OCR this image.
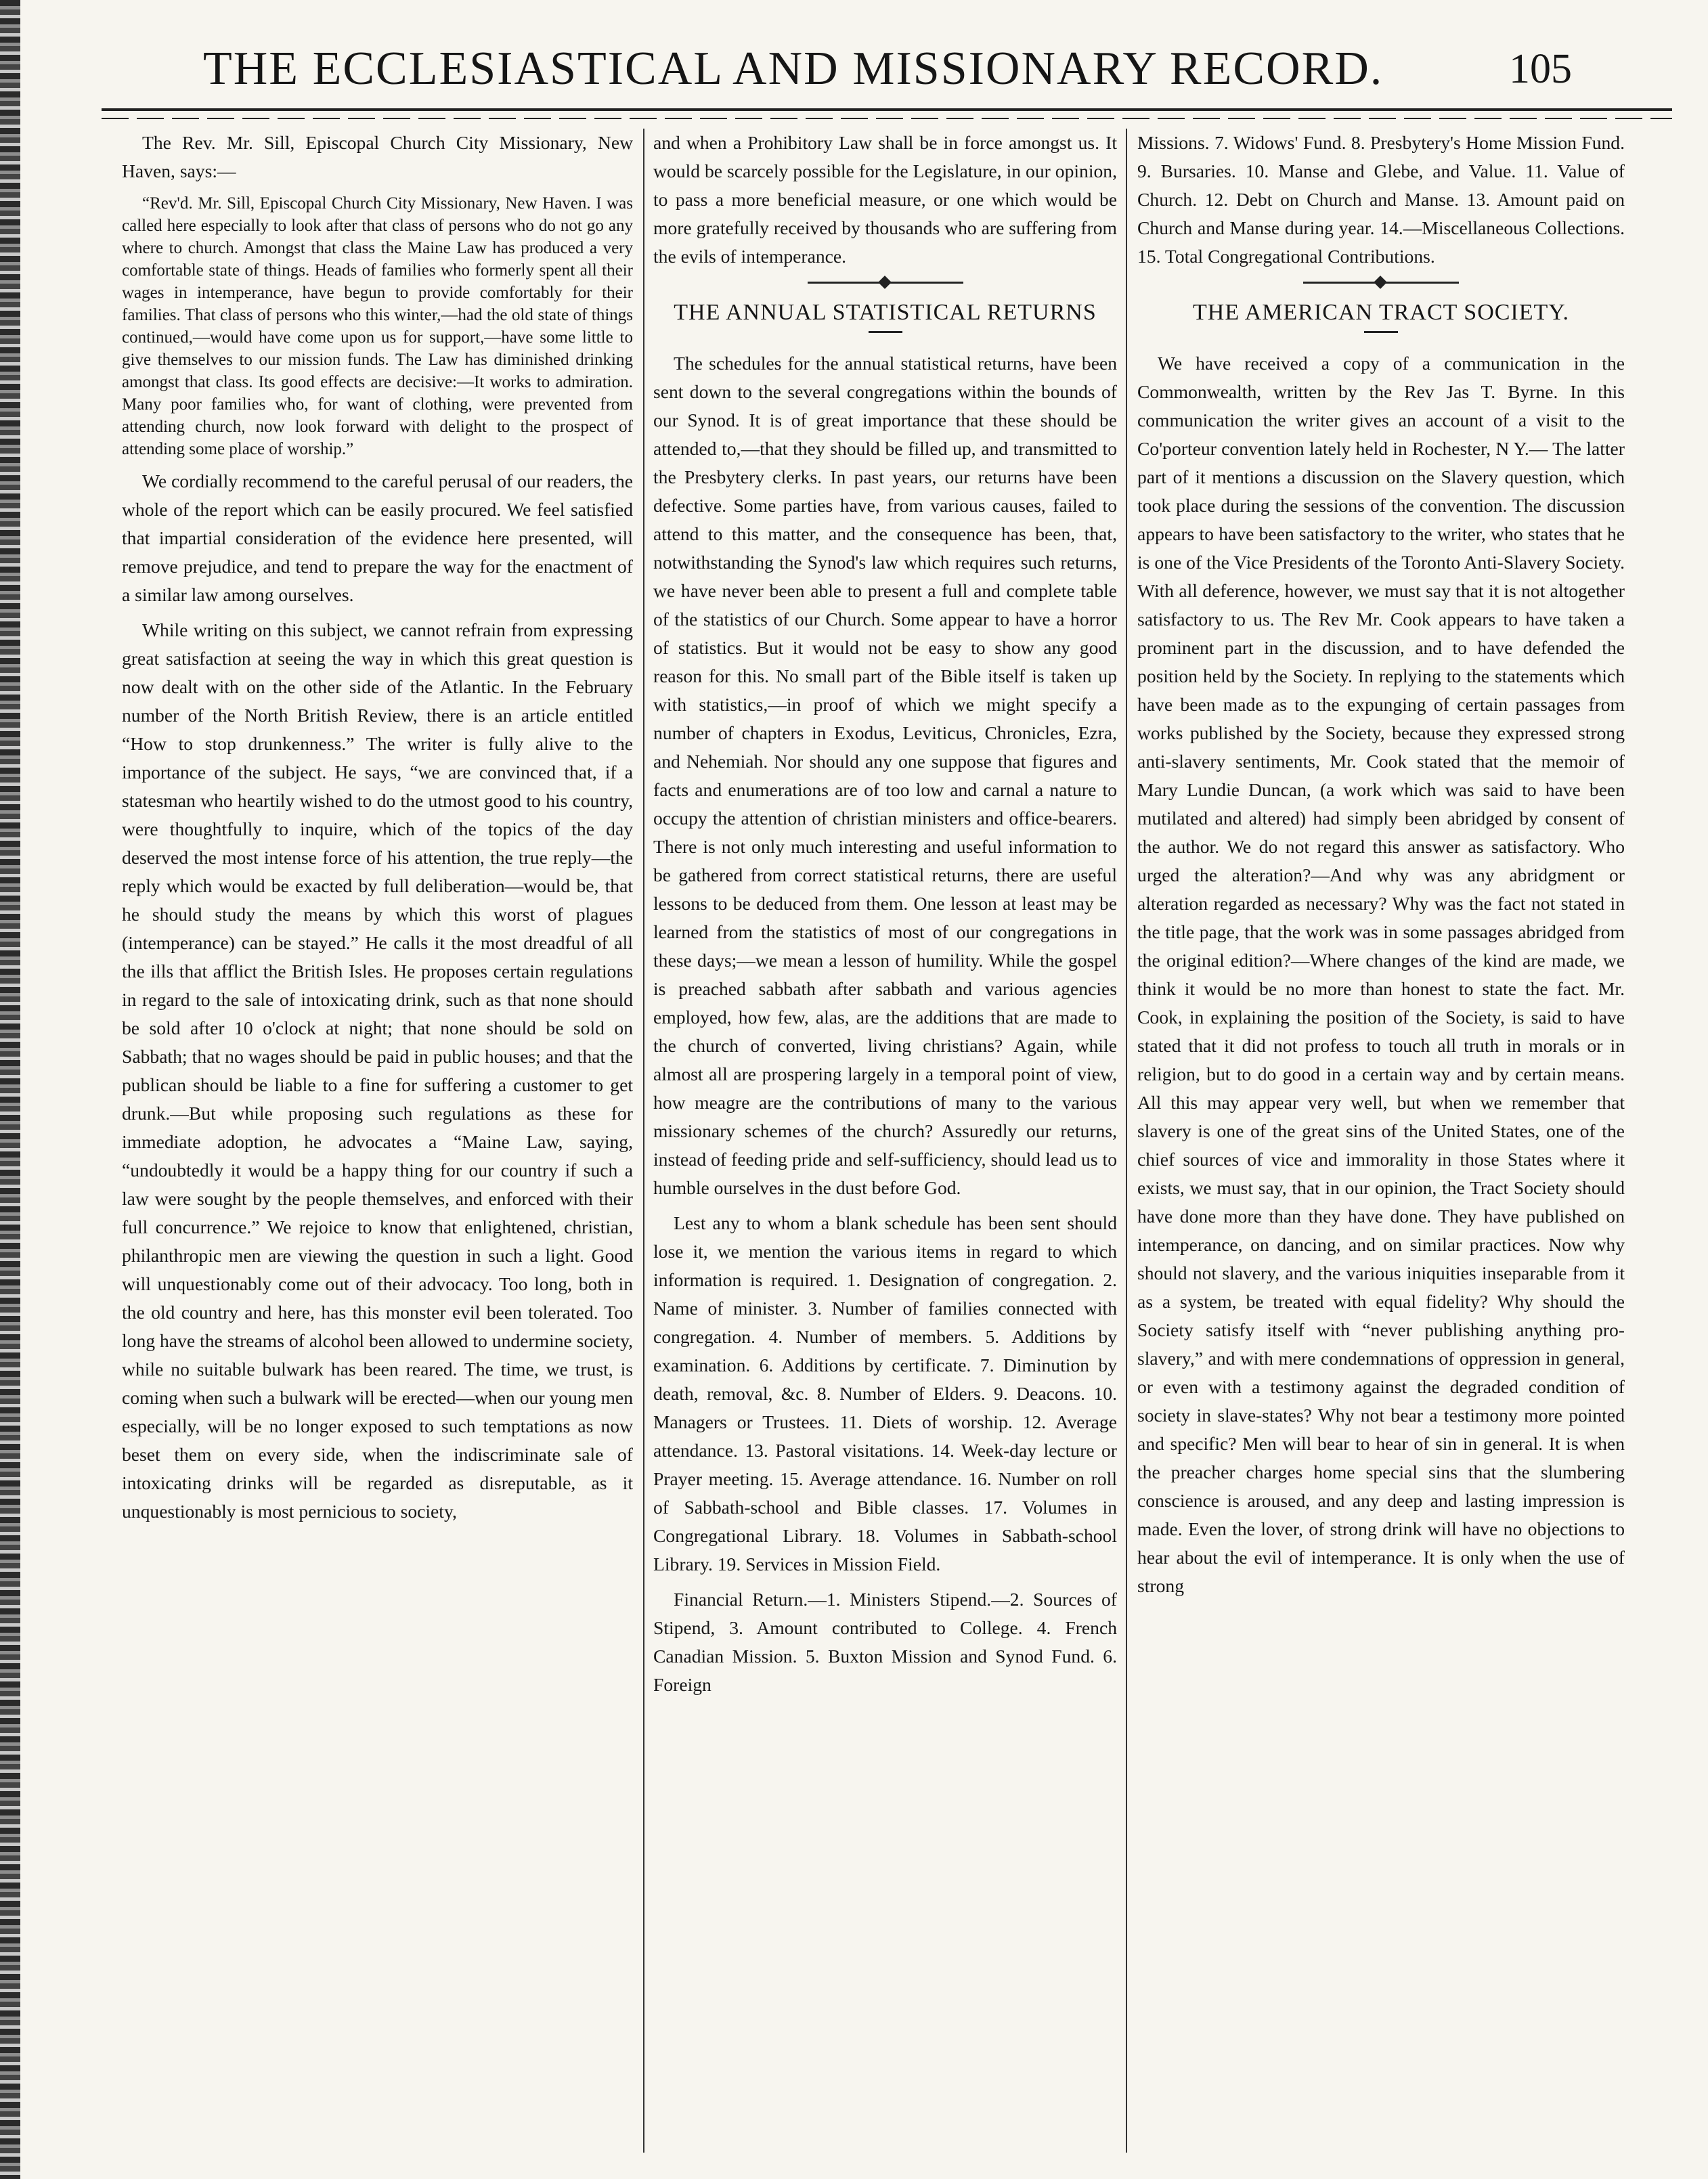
THE ECCLESIASTICAL AND MISSIONARY RECORD.	105

The Rev. Mr. Sill, Episcopal Church City Missionary, New Haven, says:—

“Rev'd. Mr. Sill, Episcopal Church City Missionary, New Haven. I was called here especially to look after that class of persons who do not go any where to church. Amongst that class the Maine Law has produced a very comfortable state of things. Heads of families who formerly spent all their wages in intemperance, have begun to provide comfortably for their families. That class of persons who this winter,—had the old state of things continued,—would have come upon us for support,—have some little to give themselves to our mission funds. The Law has diminished drinking amongst that class. Its good effects are decisive:—It works to admiration. Many poor families who, for want of clothing, were prevented from attending church, now look forward with delight to the prospect of attending some place of worship.”

We cordially recommend to the careful perusal of our readers, the whole of the report which can be easily procured. We feel satisfied that impartial consideration of the evidence here presented, will remove prejudice, and tend to prepare the way for the enactment of a similar law among ourselves.

While writing on this subject, we cannot refrain from expressing great satisfaction at seeing the way in which this great question is now dealt with on the other side of the Atlantic. In the February number of the North British Review, there is an article entitled “How to stop drunkenness.” The writer is fully alive to the importance of the subject. He says, “we are convinced that, if a statesman who heartily wished to do the utmost good to his country, were thoughtfully to inquire, which of the topics of the day deserved the most intense force of his attention, the true reply—the reply which would be exacted by full deliberation—would be, that he should study the means by which this worst of plagues (intemperance) can be stayed.” He calls it the most dreadful of all the ills that afflict the British Isles. He proposes certain regulations in regard to the sale of intoxicating drink, such as that none should be sold after 10 o'clock at night; that none should be sold on Sabbath; that no wages should be paid in public houses; and that the publican should be liable to a fine for suffering a customer to get drunk.—But while proposing such regulations as these for immediate adoption, he advocates a “Maine Law, saying, “undoubtedly it would be a happy thing for our country if such a law were sought by the people themselves, and enforced with their full concurrence.” We rejoice to know that enlightened, christian, philanthropic men are viewing the question in such a light. Good will unquestionably come out of their advocacy. Too long, both in the old country and here, has this monster evil been tolerated. Too long have the streams of alcohol been allowed to undermine society, while no suitable bulwark has been reared. The time, we trust, is coming when such a bulwark will be erected—when our young men especially, will be no longer exposed to such temptations as now beset them on every side, when the indiscriminate sale of intoxicating drinks will be regarded as disreputable, as it unquestionably is most pernicious to society,

and when a Prohibitory Law shall be in force amongst us. It would be scarcely possible for the Legislature, in our opinion, to pass a more beneficial measure, or one which would be more gratefully received by thousands who are suffering from the evils of intemperance.

THE ANNUAL STATISTICAL RETURNS

The schedules for the annual statistical returns, have been sent down to the several congregations within the bounds of our Synod. It is of great importance that these should be attended to,—that they should be filled up, and transmitted to the Presbytery clerks. In past years, our returns have been defective. Some parties have, from various causes, failed to attend to this matter, and the consequence has been, that, notwithstanding the Synod's law which requires such returns, we have never been able to present a full and complete table of the statistics of our Church. Some appear to have a horror of statistics. But it would not be easy to show any good reason for this. No small part of the Bible itself is taken up with statistics,—in proof of which we might specify a number of chapters in Exodus, Leviticus, Chronicles, Ezra, and Nehemiah. Nor should any one suppose that figures and facts and enumerations are of too low and carnal a nature to occupy the attention of christian ministers and office-bearers. There is not only much interesting and useful information to be gathered from correct statistical returns, there are useful lessons to be deduced from them. One lesson at least may be learned from the statistics of most of our congregations in these days;—we mean a lesson of humility. While the gospel is preached sabbath after sabbath and various agencies employed, how few, alas, are the additions that are made to the church of converted, living christians? Again, while almost all are prospering largely in a temporal point of view, how meagre are the contributions of many to the various missionary schemes of the church? Assuredly our returns, instead of feeding pride and self-sufficiency, should lead us to humble ourselves in the dust before God.

Lest any to whom a blank schedule has been sent should lose it, we mention the various items in regard to which information is required. 1. Designation of congregation. 2. Name of minister. 3. Number of families connected with congregation. 4. Number of members. 5. Additions by examination. 6. Additions by certificate. 7. Diminution by death, removal, &c. 8. Number of Elders. 9. Deacons. 10. Managers or Trustees. 11. Diets of worship. 12. Average attendance. 13. Pastoral visitations. 14. Week-day lecture or Prayer meeting. 15. Average attendance. 16. Number on roll of Sabbath-school and Bible classes. 17. Volumes in Congregational Library. 18. Volumes in Sabbath-school Library. 19. Services in Mission Field.

Financial Return.—1. Ministers Stipend.—2. Sources of Stipend, 3. Amount contributed to College. 4. French Canadian Mission. 5. Buxton Mission and Synod Fund. 6. Foreign

Missions. 7. Widows' Fund. 8. Presbytery's Home Mission Fund. 9. Bursaries. 10. Manse and Glebe, and Value. 11. Value of Church. 12. Debt on Church and Manse. 13. Amount paid on Church and Manse during year. 14.—Miscellaneous Collections. 15. Total Congregational Contributions.

THE AMERICAN TRACT SOCIETY.

We have received a copy of a communication in the Commonwealth, written by the Rev Jas T. Byrne. In this communication the writer gives an account of a visit to the Co'porteur convention lately held in Rochester, N Y.— The latter part of it mentions a discussion on the Slavery question, which took place during the sessions of the convention. The discussion appears to have been satisfactory to the writer, who states that he is one of the Vice Presidents of the Toronto Anti-Slavery Society. With all deference, however, we must say that it is not altogether satisfactory to us. The Rev Mr. Cook appears to have taken a prominent part in the discussion, and to have defended the position held by the Society. In replying to the statements which have been made as to the expunging of certain passages from works published by the Society, because they expressed strong anti-slavery sentiments, Mr. Cook stated that the memoir of Mary Lundie Duncan, (a work which was said to have been mutilated and altered) had simply been abridged by consent of the author. We do not regard this answer as satisfactory. Who urged the alteration?—And why was any abridgment or alteration regarded as necessary? Why was the fact not stated in the title page, that the work was in some passages abridged from the original edition?—Where changes of the kind are made, we think it would be no more than honest to state the fact. Mr. Cook, in explaining the position of the Society, is said to have stated that it did not profess to touch all truth in morals or in religion, but to do good in a certain way and by certain means. All this may appear very well, but when we remember that slavery is one of the great sins of the United States, one of the chief sources of vice and immorality in those States where it exists, we must say, that in our opinion, the Tract Society should have done more than they have done. They have published on intemperance, on dancing, and on similar practices. Now why should not slavery, and the various iniquities inseparable from it as a system, be treated with equal fidelity? Why should the Society satisfy itself with “never publishing anything pro-slavery,” and with mere condemnations of oppression in general, or even with a testimony against the degraded condition of society in slave-states? Why not bear a testimony more pointed and specific? Men will bear to hear of sin in general. It is when the preacher charges home special sins that the slumbering conscience is aroused, and any deep and lasting impression is made. Even the lover, of strong drink will have no objections to hear about the evil of intemperance. It is only when the use of strong
